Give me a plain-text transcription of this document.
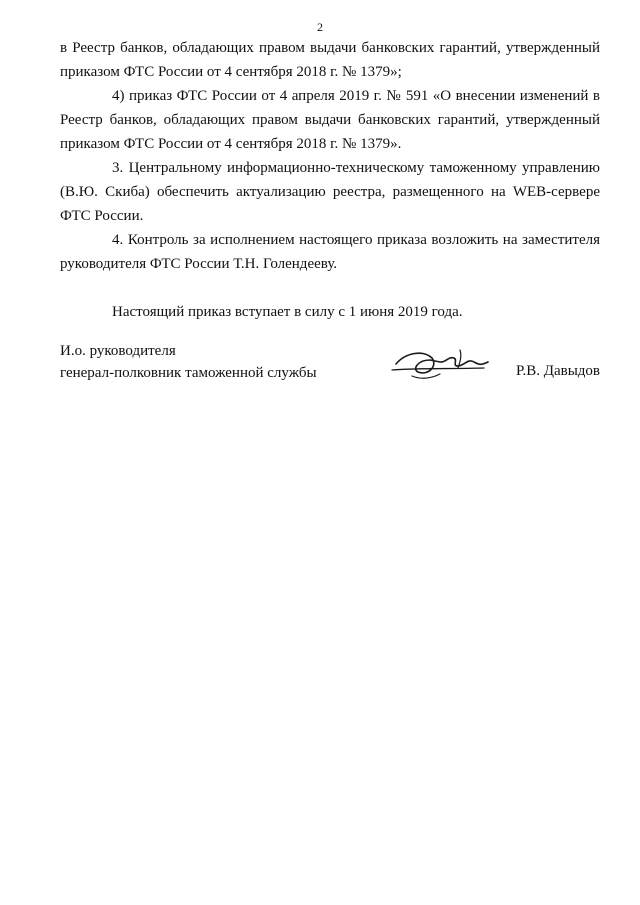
2

в Реестр банков, обладающих правом выдачи банковских гарантий, утвержденный приказом ФТС России от 4 сентября 2018 г. № 1379»;

4) приказ ФТС России от 4 апреля 2019 г. № 591 «О внесении изменений в Реестр банков, обладающих правом выдачи банковских гарантий, утвержденный приказом ФТС России от 4 сентября 2018 г. № 1379».

3. Центральному информационно-техническому таможенному управлению (В.Ю. Скиба) обеспечить актуализацию реестра, размещенного на WEB-сервере ФТС России.

4. Контроль за исполнением настоящего приказа возложить на заместителя руководителя ФТС России Т.Н. Голендееву.

Настоящий приказ вступает в силу с 1 июня 2019 года.

И.о. руководителя
генерал-полковник таможенной службы	Р.В. Давыдов
